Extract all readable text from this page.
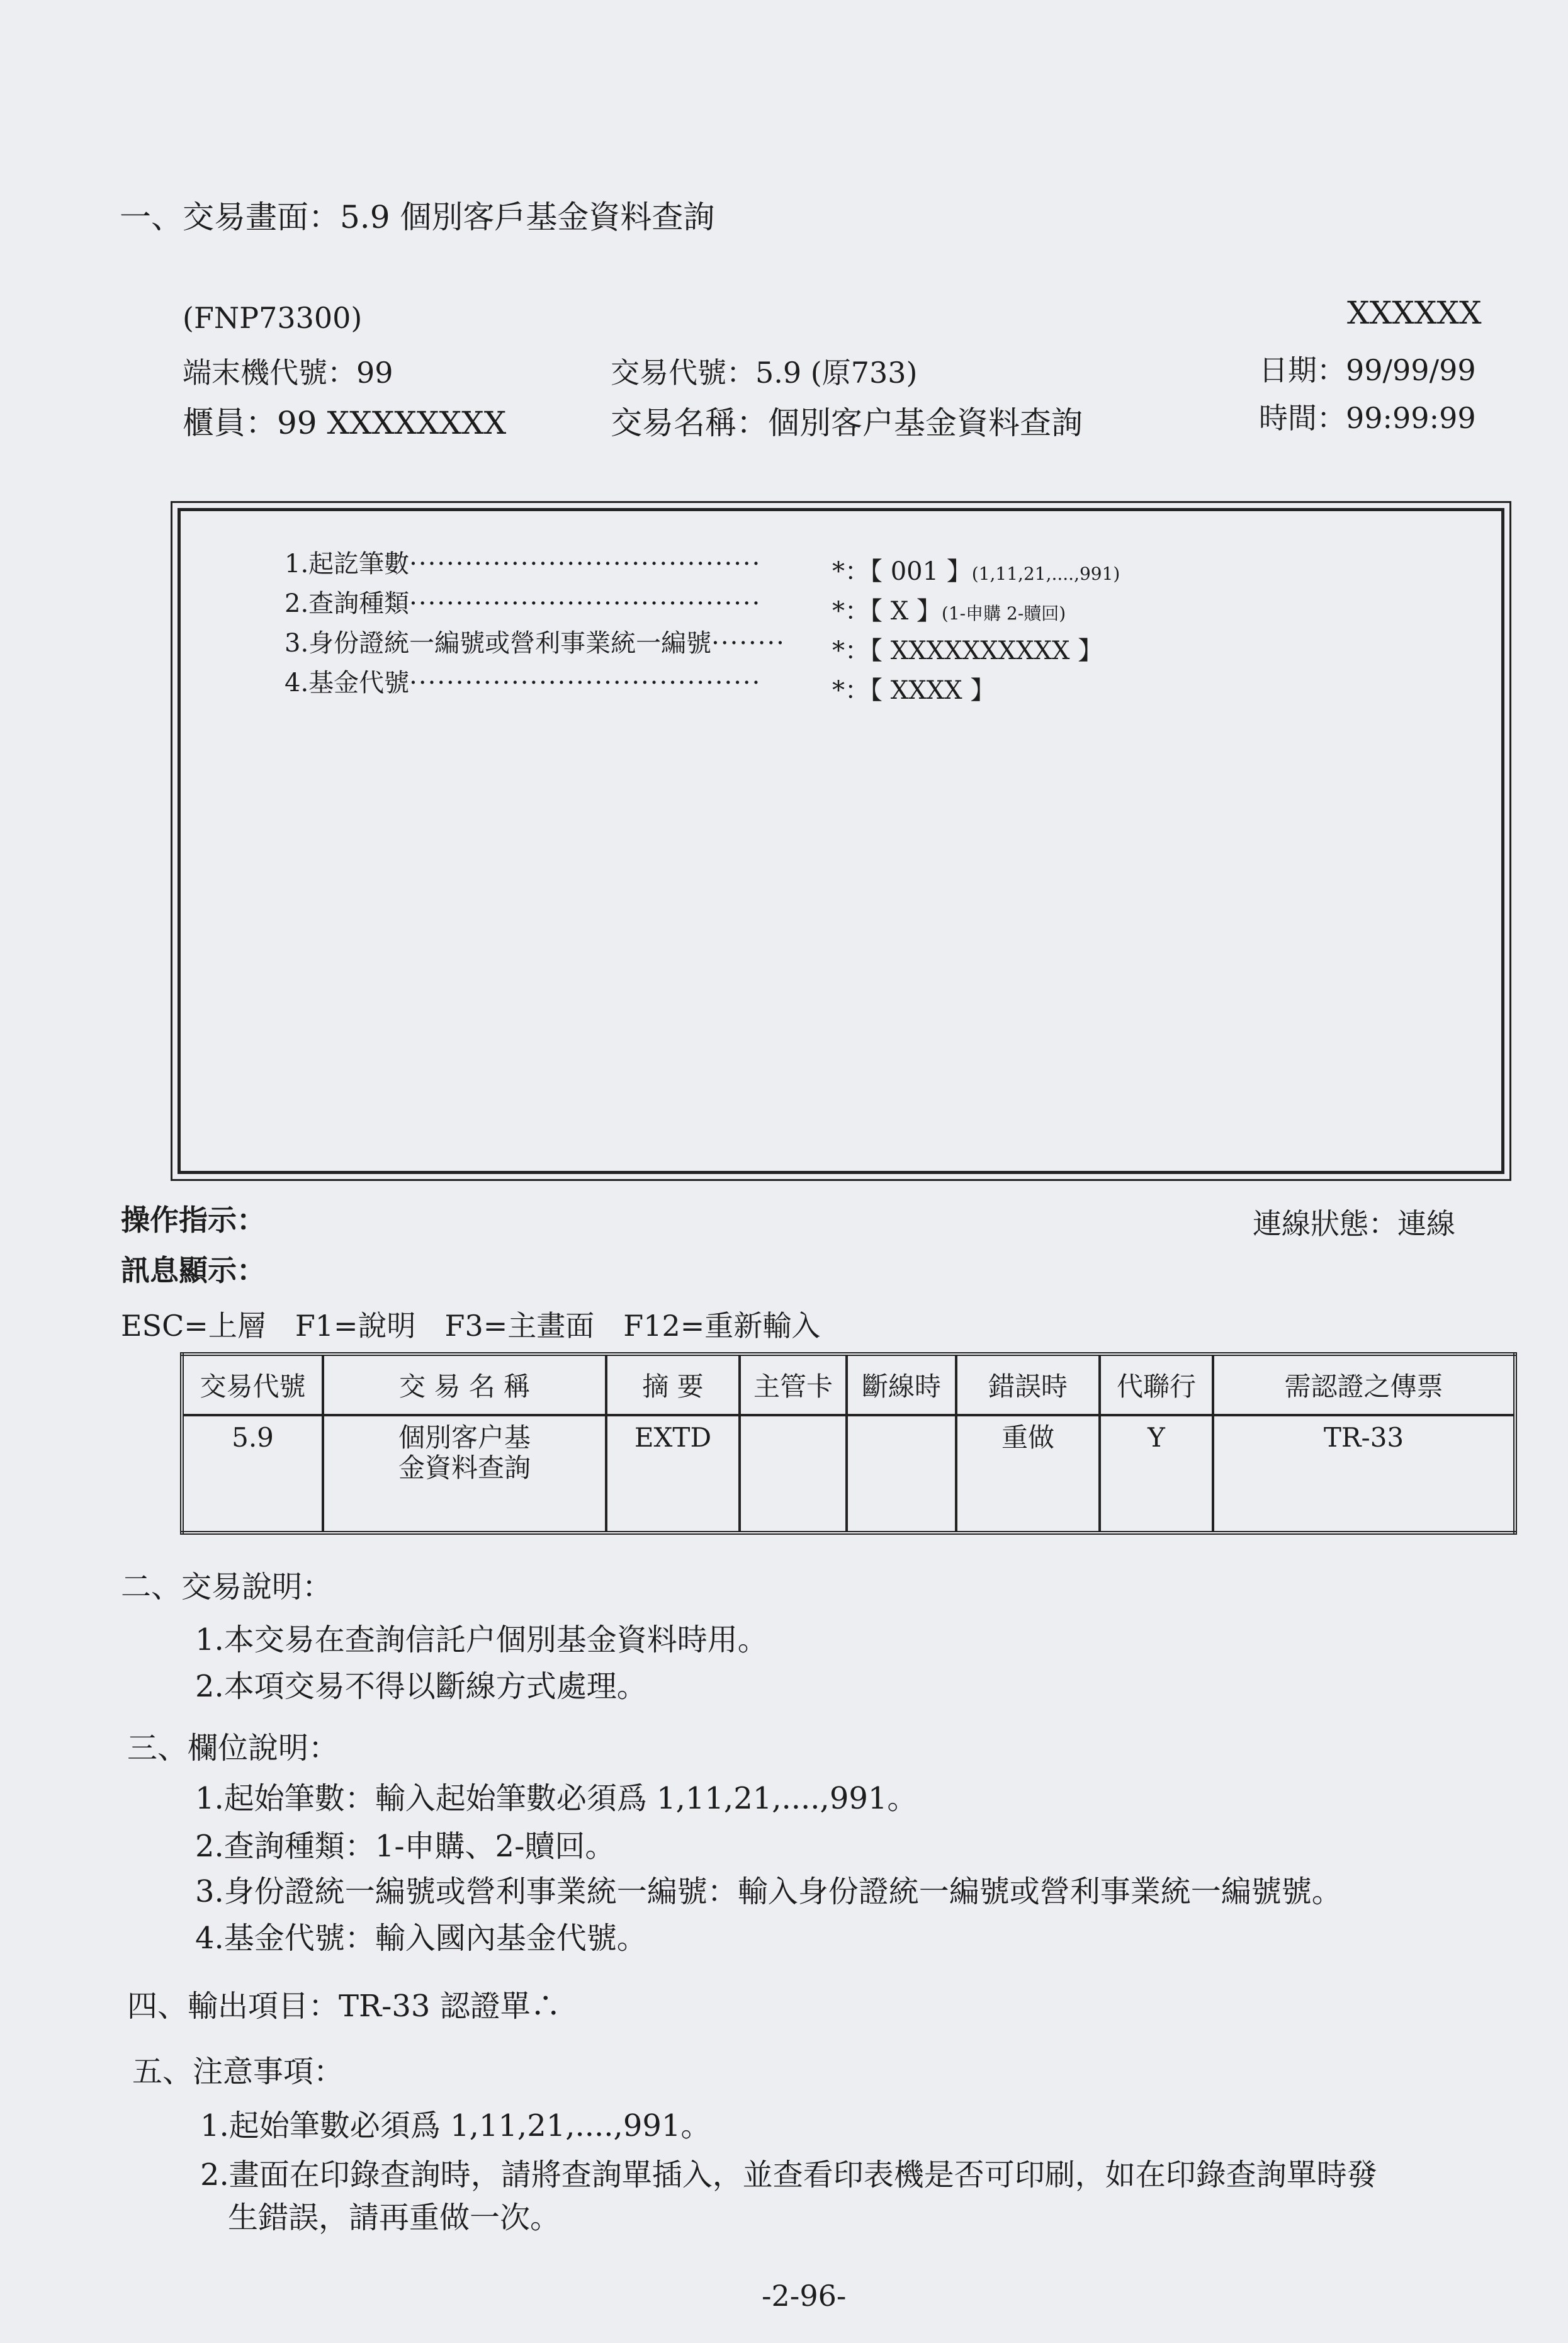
一、交易畫面：5.9 個別客戶基金資料查詢
(FNP73300)	XXXXXX
端末機代號：99	交易代號：5.9 (原733)	日期：99/99/99
櫃員：99 XXXXXXXX	交易名稱：個別客户基金資料查詢	時間：99:99:99
1.起訖筆數······································	*：【 001 】(1,11,21,....,991)
2.查詢種類······································	*：【 X 】(1-申購 2-贖回)
3.身份證統一編號或營利事業統一編號········ *：【 XXXXXXXXXX 】
4.基金代號······································	*：【 XXXX 】
操作指示：	連線狀態：連線
訊息顯示：
ESC=上層　F1=說明　F3=主畫面　F12=重新輸入
交易代號	交 易 名 稱	摘 要	主管卡	斷線時	錯誤時	代聯行	需認證之傳票
5.9	個別客户基金資料查詢	EXTD			重做	Y	TR-33
二、交易說明：
1.本交易在查詢信託户個別基金資料時用。
2.本項交易不得以斷線方式處理。
三、欄位說明：
1.起始筆數：輸入起始筆數必須爲 1,11,21,....,991。
2.查詢種類：1-申購、2-贖回。
3.身份證統一編號或營利事業統一編號：輸入身份證統一編號或營利事業統一編號號。
4.基金代號：輸入國內基金代號。
四、輸出項目：TR-33 認證單∴
五、注意事項：
1.起始筆數必須爲 1,11,21,....,991。
2.畫面在印錄查詢時，請將查詢單插入，並查看印表機是否可印刷，如在印錄查詢單時發
生錯誤，請再重做一次。
-2-96-
